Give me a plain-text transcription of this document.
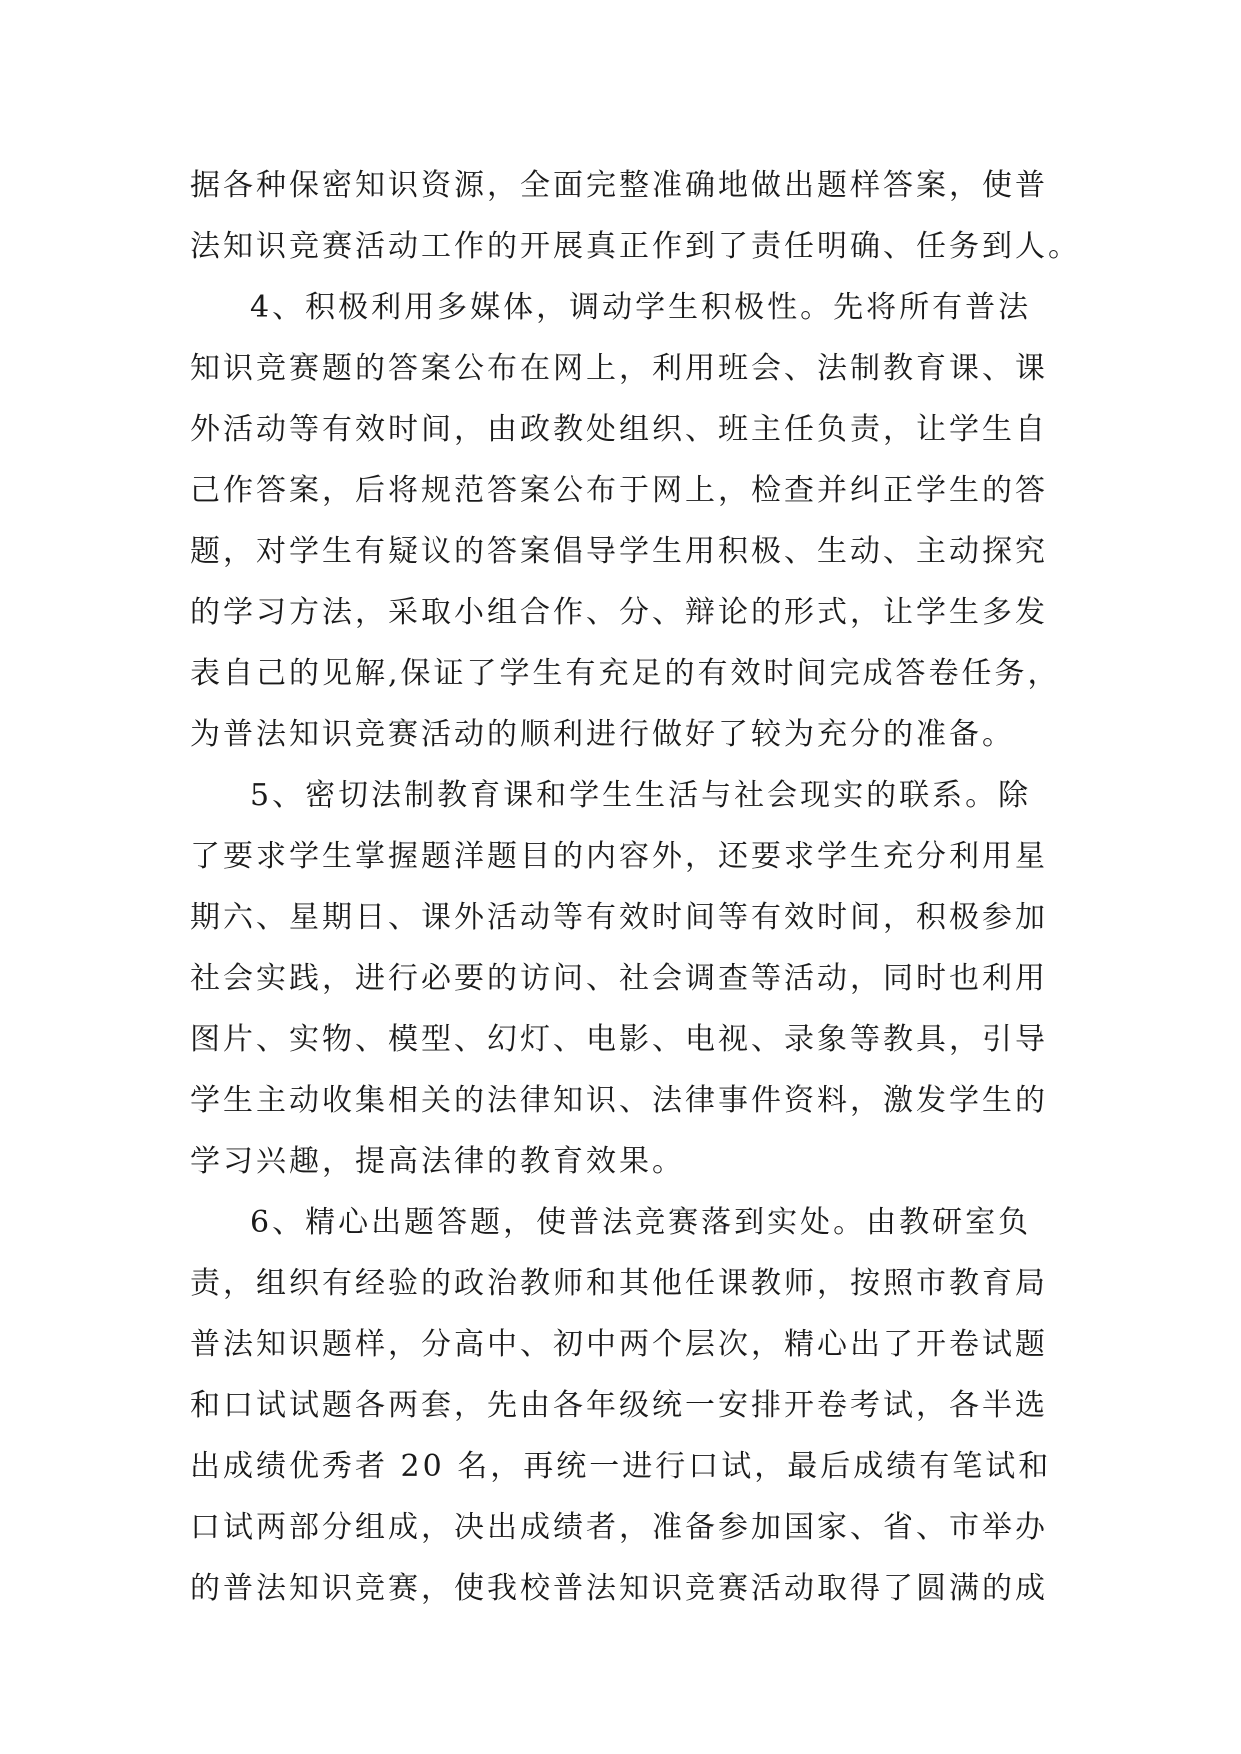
据各种保密知识资源，全面完整准确地做出题样答案，使普
法知识竞赛活动工作的开展真正作到了责任明确、任务到人。
4、积极利用多媒体，调动学生积极性。先将所有普法
知识竞赛题的答案公布在网上，利用班会、法制教育课、课
外活动等有效时间，由政教处组织、班主任负责，让学生自
己作答案，后将规范答案公布于网上，检查并纠正学生的答
题，对学生有疑议的答案倡导学生用积极、生动、主动探究
的学习方法，采取小组合作、分、辩论的形式，让学生多发
表自己的见解,保证了学生有充足的有效时间完成答卷任务，
为普法知识竞赛活动的顺利进行做好了较为充分的准备。
5、密切法制教育课和学生生活与社会现实的联系。除
了要求学生掌握题洋题目的内容外，还要求学生充分利用星
期六、星期日、课外活动等有效时间等有效时间，积极参加
社会实践，进行必要的访问、社会调查等活动，同时也利用
图片、实物、模型、幻灯、电影、电视、录象等教具，引导
学生主动收集相关的法律知识、法律事件资料，激发学生的
学习兴趣，提高法律的教育效果。
6、精心出题答题，使普法竞赛落到实处。由教研室负
责，组织有经验的政治教师和其他任课教师，按照市教育局
普法知识题样，分高中、初中两个层次，精心出了开卷试题
和口试试题各两套，先由各年级统一安排开卷考试，各半选
出成绩优秀者 20 名，再统一进行口试，最后成绩有笔试和
口试两部分组成，决出成绩者，准备参加国家、省、市举办
的普法知识竞赛，使我校普法知识竞赛活动取得了圆满的成
